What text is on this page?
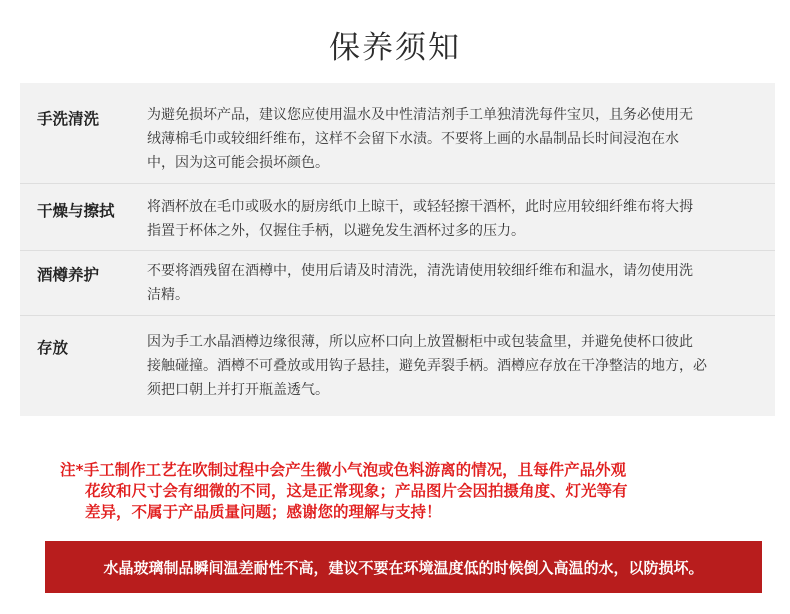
保养须知
手洗清洗	为避免损坏产品，建议您应使用温水及中性清洁剂手工单独清洗每件宝贝，且务必使用无
绒薄棉毛巾或较细纤维布，这样不会留下水渍。不要将上画的水晶制品长时间浸泡在水
中，因为这可能会损坏颜色。
干燥与擦拭 将酒杯放在毛巾或吸水的厨房纸巾上晾干，或轻轻擦干酒杯，此时应用较细纤维布将大拇
指置于杯体之外，仅握住手柄，以避免发生酒杯过多的压力。
酒樽养护	不要将酒残留在酒樽中，使用后请及时清洗，清洗请使用较细纤维布和温水，请勿使用洗
洁精。
存放	因为手工水晶酒樽边缘很薄，所以应杯口向上放置橱柜中或包装盒里，并避免使杯口彼此
接触碰撞。酒樽不可叠放或用钩子悬挂，避免弄裂手柄。酒樽应存放在干净整洁的地方，必
须把口朝上并打开瓶盖透气。
注*手工制作工艺在吹制过程中会产生微小气泡或色料游离的情况，且每件产品外观
花纹和尺寸会有细微的不同，这是正常现象；产品图片会因拍摄角度、灯光等有
差异，不属于产品质量问题；感谢您的理解与支持！
水晶玻璃制品瞬间温差耐性不高，建议不要在环境温度低的时候倒入高温的水，以防损坏。
